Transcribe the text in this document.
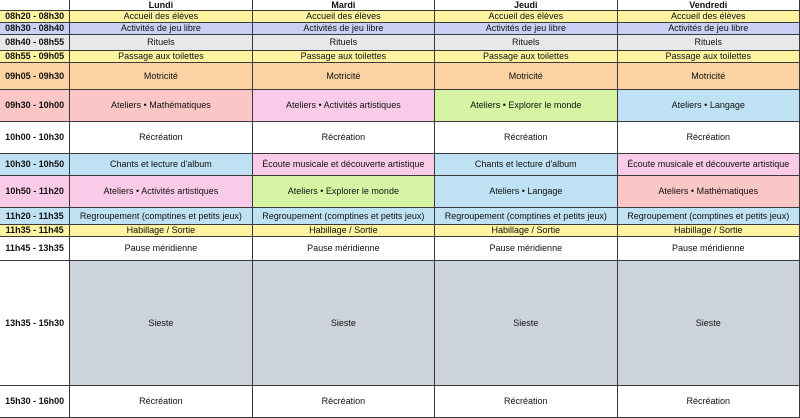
	Lundi	Mardi	Jeudi	Vendredi
08h20 - 08h30	Accueil des élèves	Accueil des élèves	Accueil des élèves	Accueil des élèves
08h30 - 08h40	Activités de jeu libre	Activités de jeu libre	Activités de jeu libre	Activités de jeu libre
08h40 - 08h55	Rituels	Rituels	Rituels	Rituels
08h55 - 09h05	Passage aux toilettes	Passage aux toilettes	Passage aux toilettes	Passage aux toilettes
09h05 - 09h30	Motricité	Motricité	Motricité	Motricité
09h30 - 10h00	Ateliers • Mathématiques	Ateliers • Activités artistiques	Ateliers • Explorer le monde	Ateliers • Langage
10h00 - 10h30	Récréation	Récréation	Récréation	Récréation
10h30 - 10h50	Chants et lecture d'album	Écoute musicale et découverte artistique	Chants et lecture d'album	Écoute musicale et découverte artistique
10h50 - 11h20	Ateliers • Activités artistiques	Ateliers • Explorer le monde	Ateliers • Langage	Ateliers • Mathématiques
11h20 - 11h35	Regroupement (comptines et petits jeux)	Regroupement (comptines et petits jeux)	Regroupement (comptines et petits jeux)	Regroupement (comptines et petits jeux)
11h35 - 11h45	Habillage / Sortie	Habillage / Sortie	Habillage / Sortie	Habillage / Sortie
11h45 - 13h35	Pause méridienne	Pause méridienne	Pause méridienne	Pause méridienne
13h35 - 15h30	Sieste	Sieste	Sieste	Sieste
15h30 - 16h00	Récréation	Récréation	Récréation	Récréation
